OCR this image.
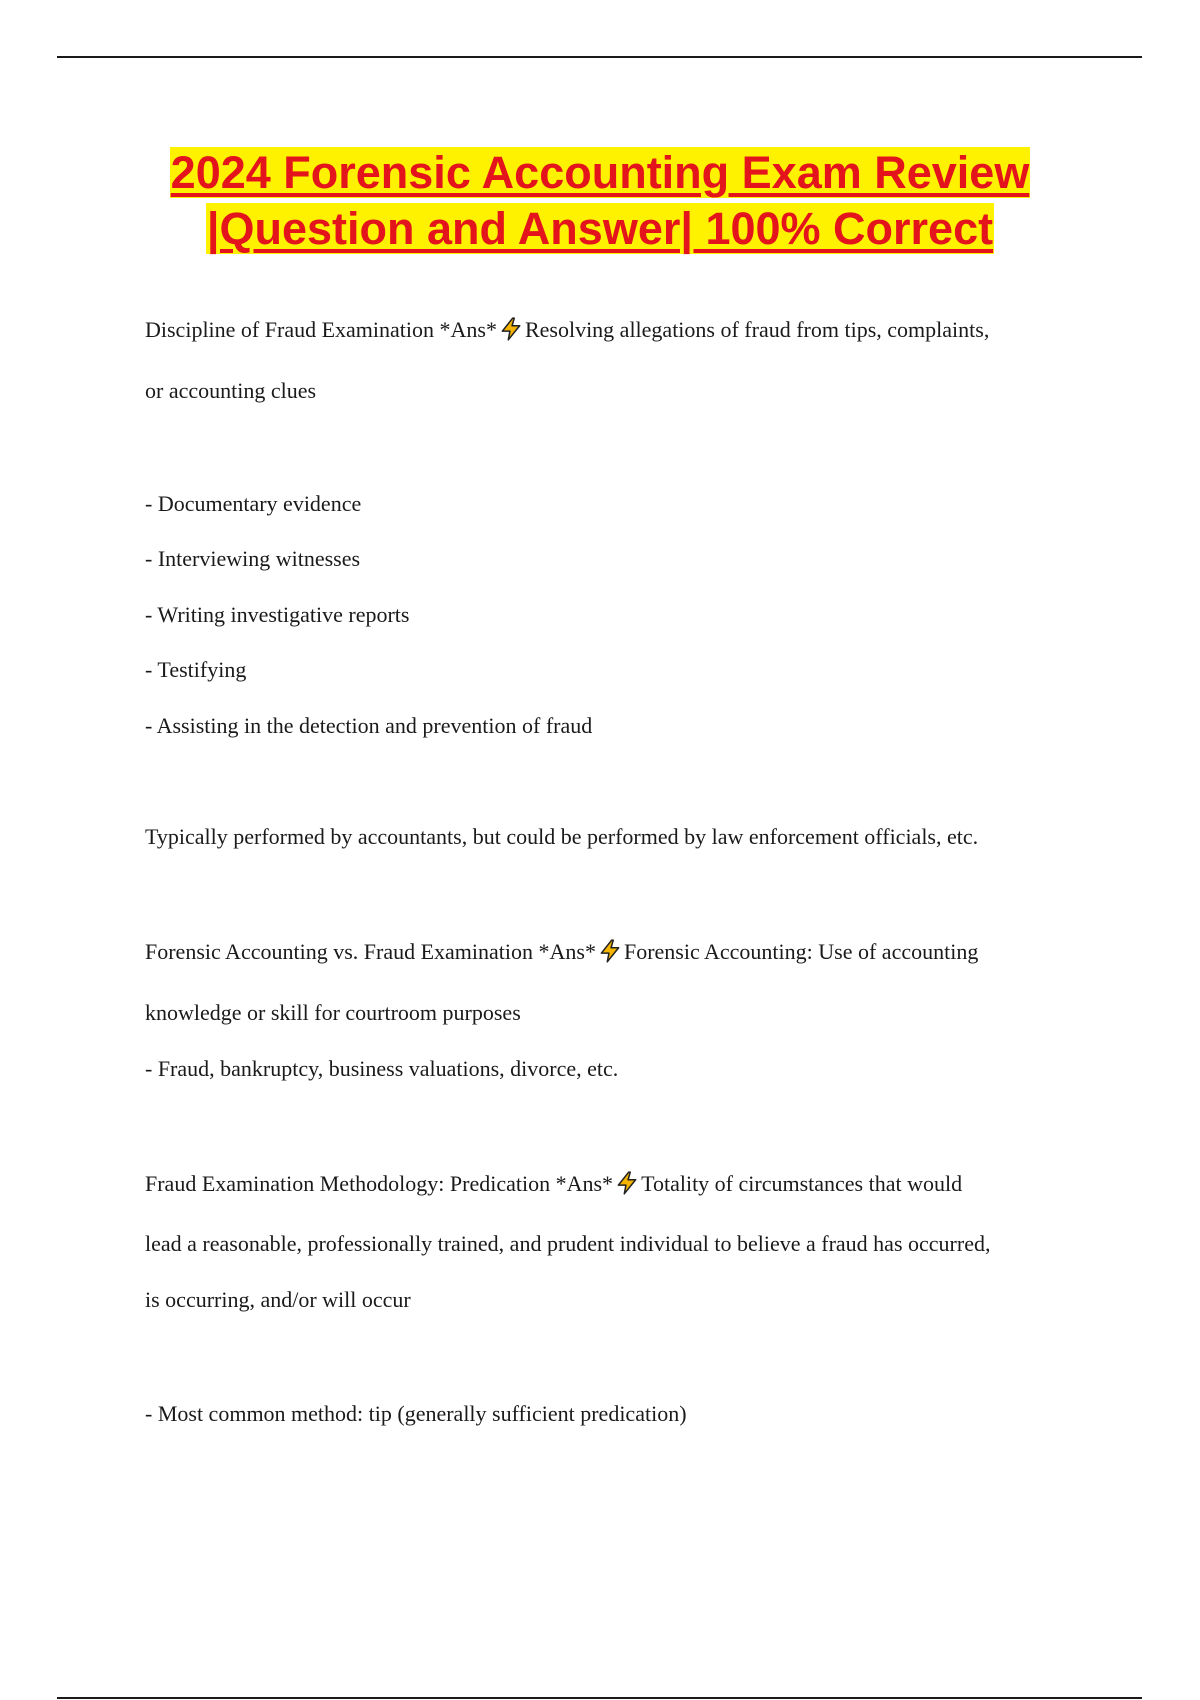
2024 Forensic Accounting Exam Review
|Question and Answer| 100% Correct
Discipline of Fraud Examination *Ans* Resolving allegations of fraud from tips, complaints,
or accounting clues
- Documentary evidence
- Interviewing witnesses
- Writing investigative reports
- Testifying
- Assisting in the detection and prevention of fraud
Typically performed by accountants, but could be performed by law enforcement officials, etc.
Forensic Accounting vs. Fraud Examination *Ans* Forensic Accounting: Use of accounting
knowledge or skill for courtroom purposes
- Fraud, bankruptcy, business valuations, divorce, etc.
Fraud Examination Methodology: Predication *Ans* Totality of circumstances that would
lead a reasonable, professionally trained, and prudent individual to believe a fraud has occurred,
is occurring, and/or will occur
- Most common method: tip (generally sufficient predication)
